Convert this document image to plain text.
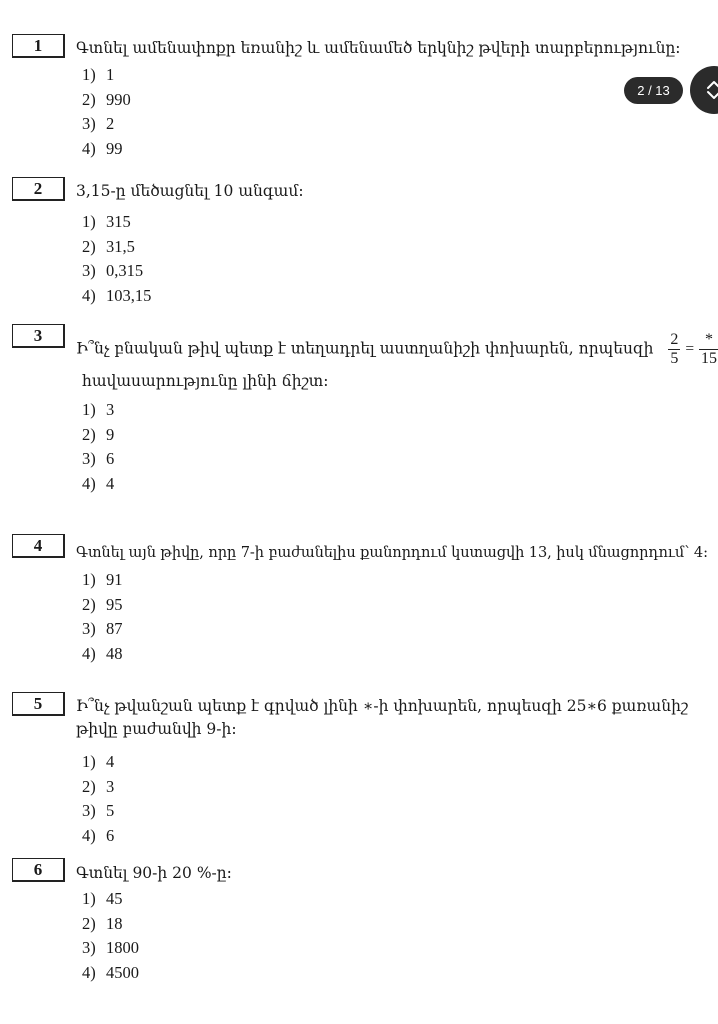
1	Գտնել ամենափոքր եռանիշ և ամենամեծ երկնիշ թվերի տարբերությունը:
1) 1
2) 990
3) 2
4) 99
2	3,15-ը մեծացնել 10 անգամ:
1) 315
2) 31,5
3) 0,315
4) 103,15
3
Ի՞նչ բնական թիվ պետք է տեղադրել աստղանիշի փոխարեն, որպեսզի $\frac{2}{5} = \frac{*}{15}$
հավասարությունը լինի ճիշտ:
1) 3
2) 9
3) 6
4) 4
4	Գտնել այն թիվը, որը 7-ի բաժանելիս քանորդում կստացվի 13, իսկ մնացորդում՝ 4:
1) 91
2) 95
3) 87
4) 48
5	Ի՞նչ թվանշան պետք է գրված լինի ∗-ի փոխարեն, որպեսզի 25∗6 քառանիշ
թիվը բաժանվի 9-ի:
1) 4
2) 3
3) 5
4) 6
6	Գտնել 90-ի 20 %-ը:
1) 45
2) 18
3) 1800
4) 4500
2 / 13
